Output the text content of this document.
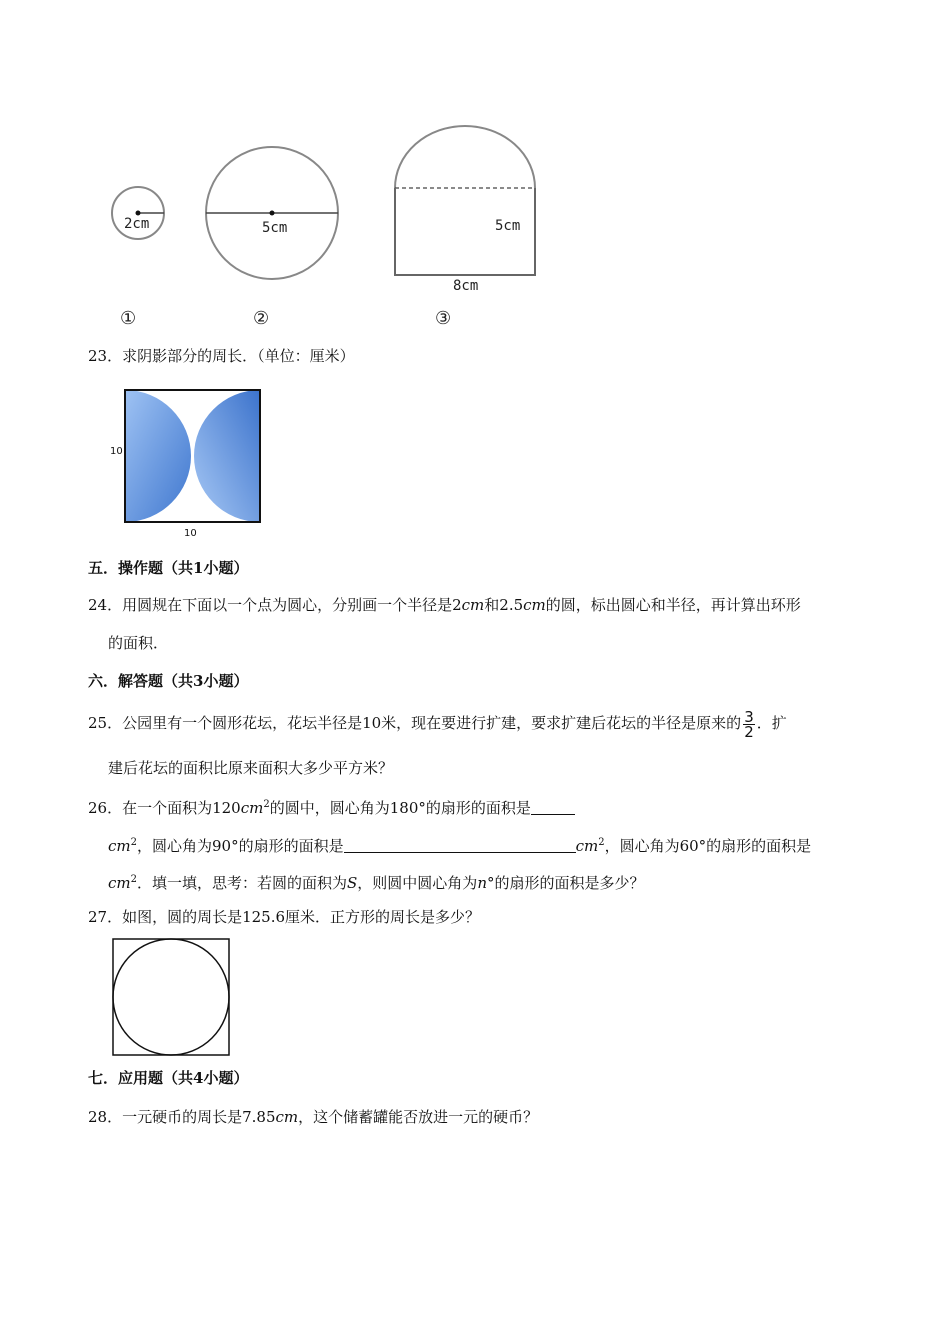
2cm	5cm	5cm
8cm
①	②	③
23．求阴影部分的周长．（单位：厘米）
10
10
五．操作题（共1小题）
24．用圆规在下面以一个点为圆心，分别画一个半径是2cm和2.5cm的圆，标出圆心和半径，再计算出环形
的面积．
六．解答题（共3小题）
25．公园里有一个圆形花坛，花坛半径是10米，现在要进行扩建，要求扩建后花坛的半径是原来的 $\frac{3}{2}$ ．扩
建后花坛的面积比原来面积大多少平方米？
26．在一个面积为$120cm^2$的圆中，圆心角为180°的扇形的面积是
$cm^2$，圆心角为90°的扇形的面积是	$cm^2$，圆心角为60°的扇形的面积是
$cm^2$．填一填，思考：若圆的面积为S，则圆中圆心角为n°的扇形的面积是多少？
27．如图，圆的周长是125.6厘米．正方形的周长是多少？
七．应用题（共4小题）
28．一元硬币的周长是7.85cm，这个储蓄罐能否放进一元的硬币？
